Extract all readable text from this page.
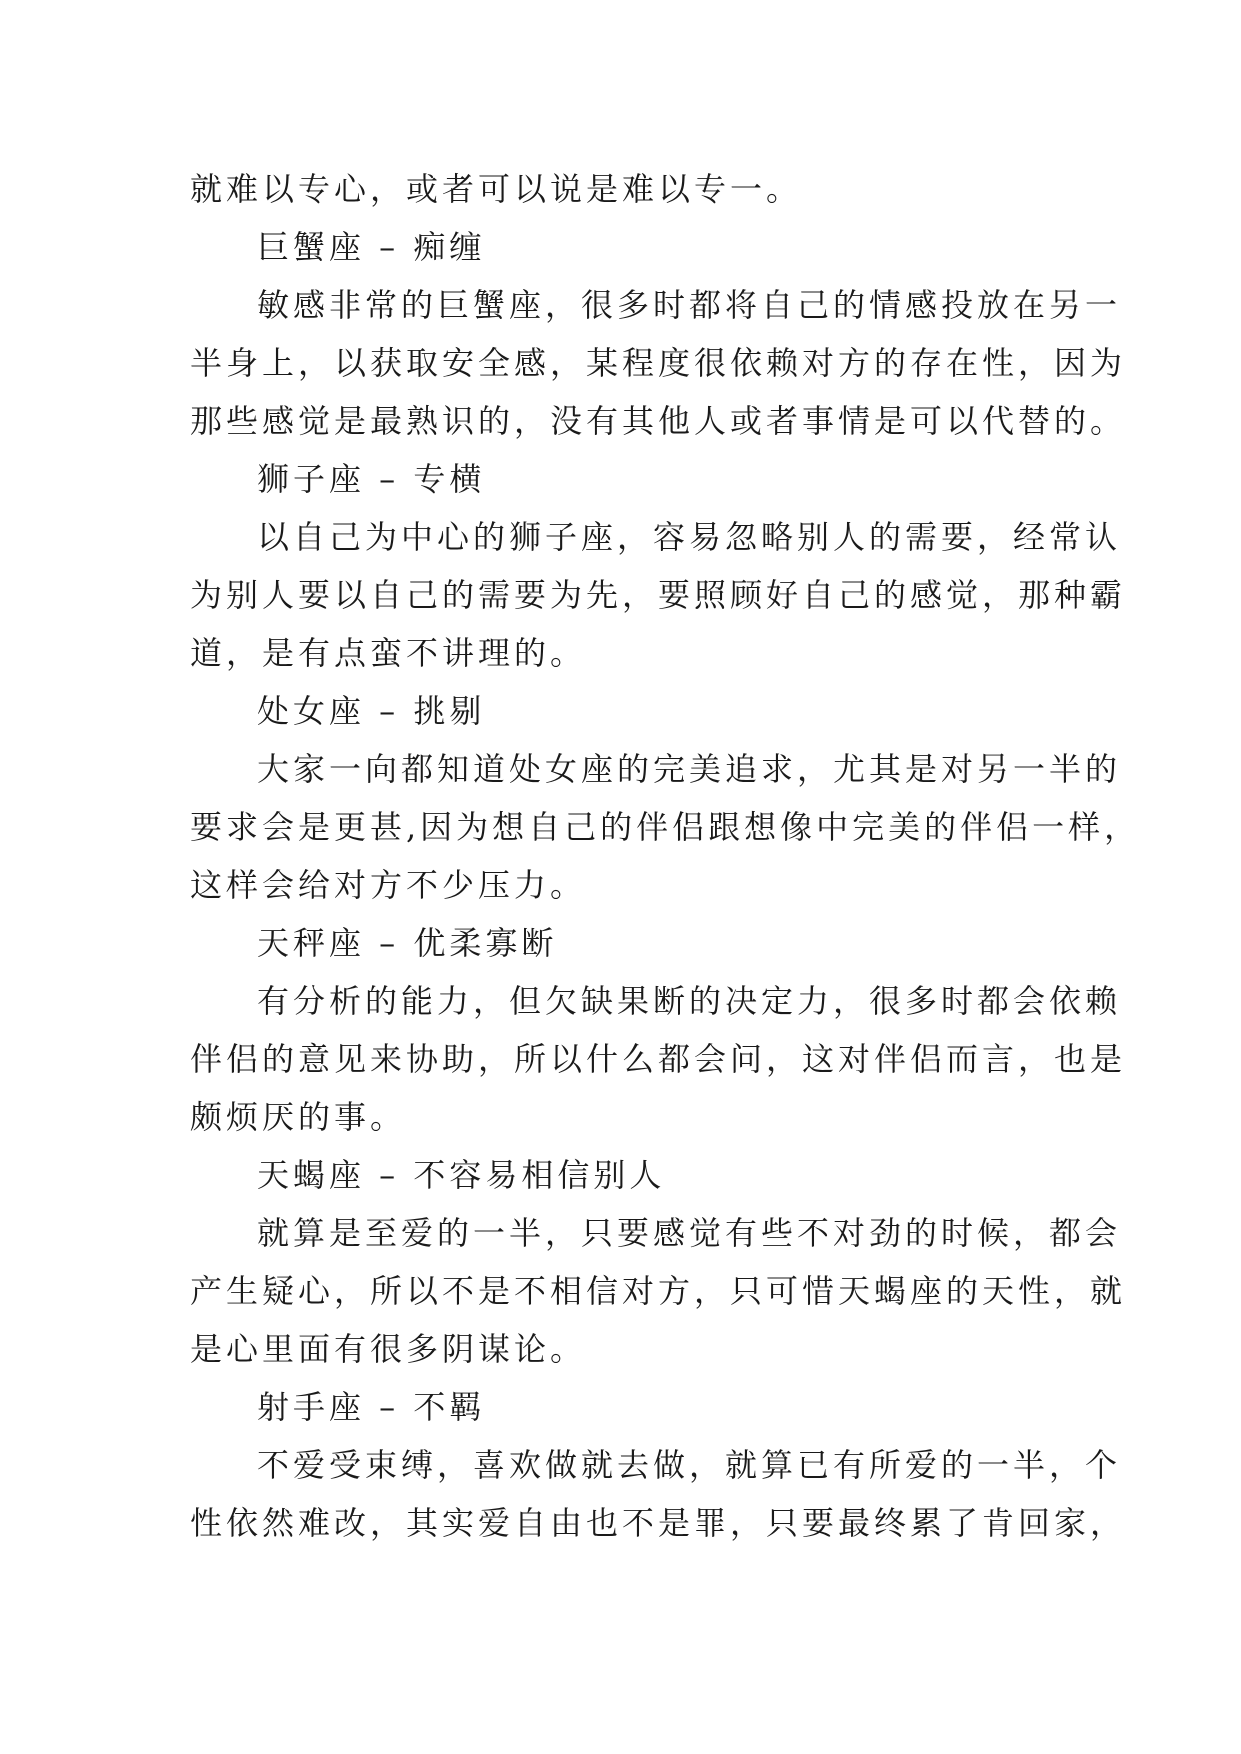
就难以专心，或者可以说是难以专一。
巨蟹座 – 痴缠
敏感非常的巨蟹座，很多时都将自己的情感投放在另一
半身上，以获取安全感，某程度很依赖对方的存在性，因为
那些感觉是最熟识的，没有其他人或者事情是可以代替的。
狮子座 – 专横
以自己为中心的狮子座，容易忽略别人的需要，经常认
为别人要以自己的需要为先，要照顾好自己的感觉，那种霸
道，是有点蛮不讲理的。
处女座 – 挑剔
大家一向都知道处女座的完美追求，尤其是对另一半的
要求会是更甚,因为想自己的伴侣跟想像中完美的伴侣一样，
这样会给对方不少压力。
天秤座 – 优柔寡断
有分析的能力，但欠缺果断的决定力，很多时都会依赖
伴侣的意见来协助，所以什么都会问，这对伴侣而言，也是
颇烦厌的事。
天蝎座 – 不容易相信别人
就算是至爱的一半，只要感觉有些不对劲的时候，都会
产生疑心，所以不是不相信对方，只可惜天蝎座的天性，就
是心里面有很多阴谋论。
射手座 – 不羁
不爱受束缚，喜欢做就去做，就算已有所爱的一半，个
性依然难改，其实爱自由也不是罪，只要最终累了肯回家，
